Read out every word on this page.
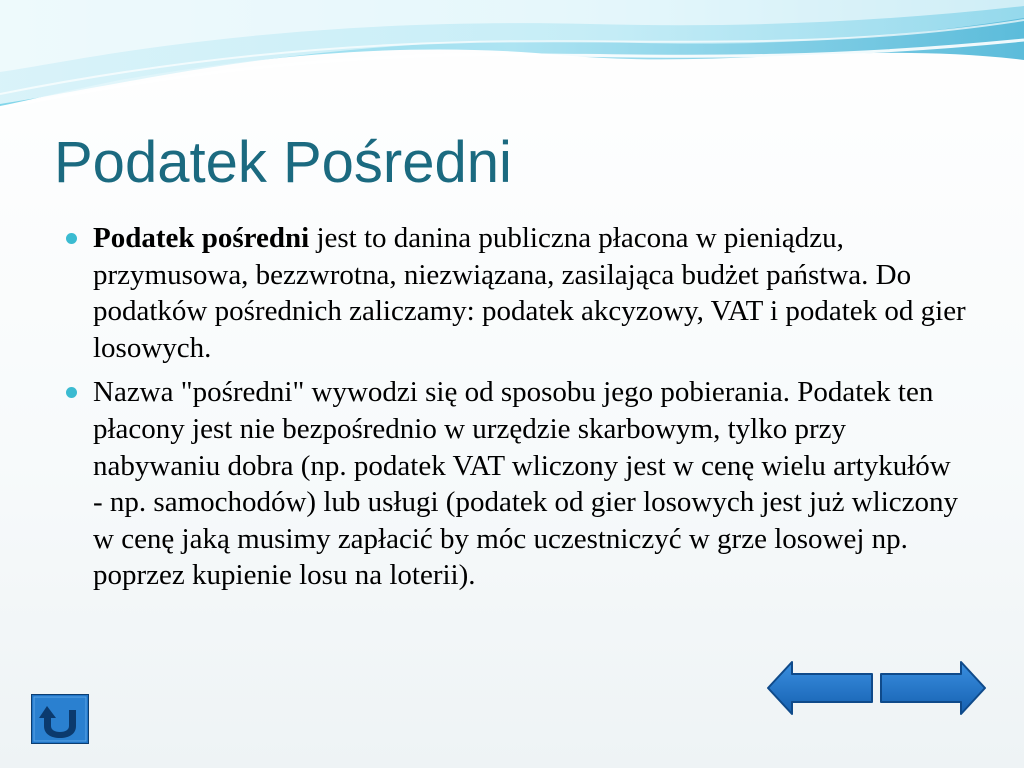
Podatek Pośredni
Podatek pośredni jest to danina publiczna płacona w pieniądzu, przymusowa, bezzwrotna, niezwiązana, zasilająca budżet państwa. Do podatków pośrednich zaliczamy: podatek akcyzowy, VAT i podatek od gier losowych.
Nazwa "pośredni" wywodzi się od sposobu jego pobierania. Podatek ten płacony jest nie bezpośrednio w urzędzie skarbowym, tylko przy nabywaniu dobra (np. podatek VAT wliczony jest w cenę wielu artykułów - np. samochodów) lub usługi (podatek od gier losowych jest już wliczony w cenę jaką musimy zapłacić by móc uczestniczyć w grze losowej np. poprzez kupienie losu na loterii).
